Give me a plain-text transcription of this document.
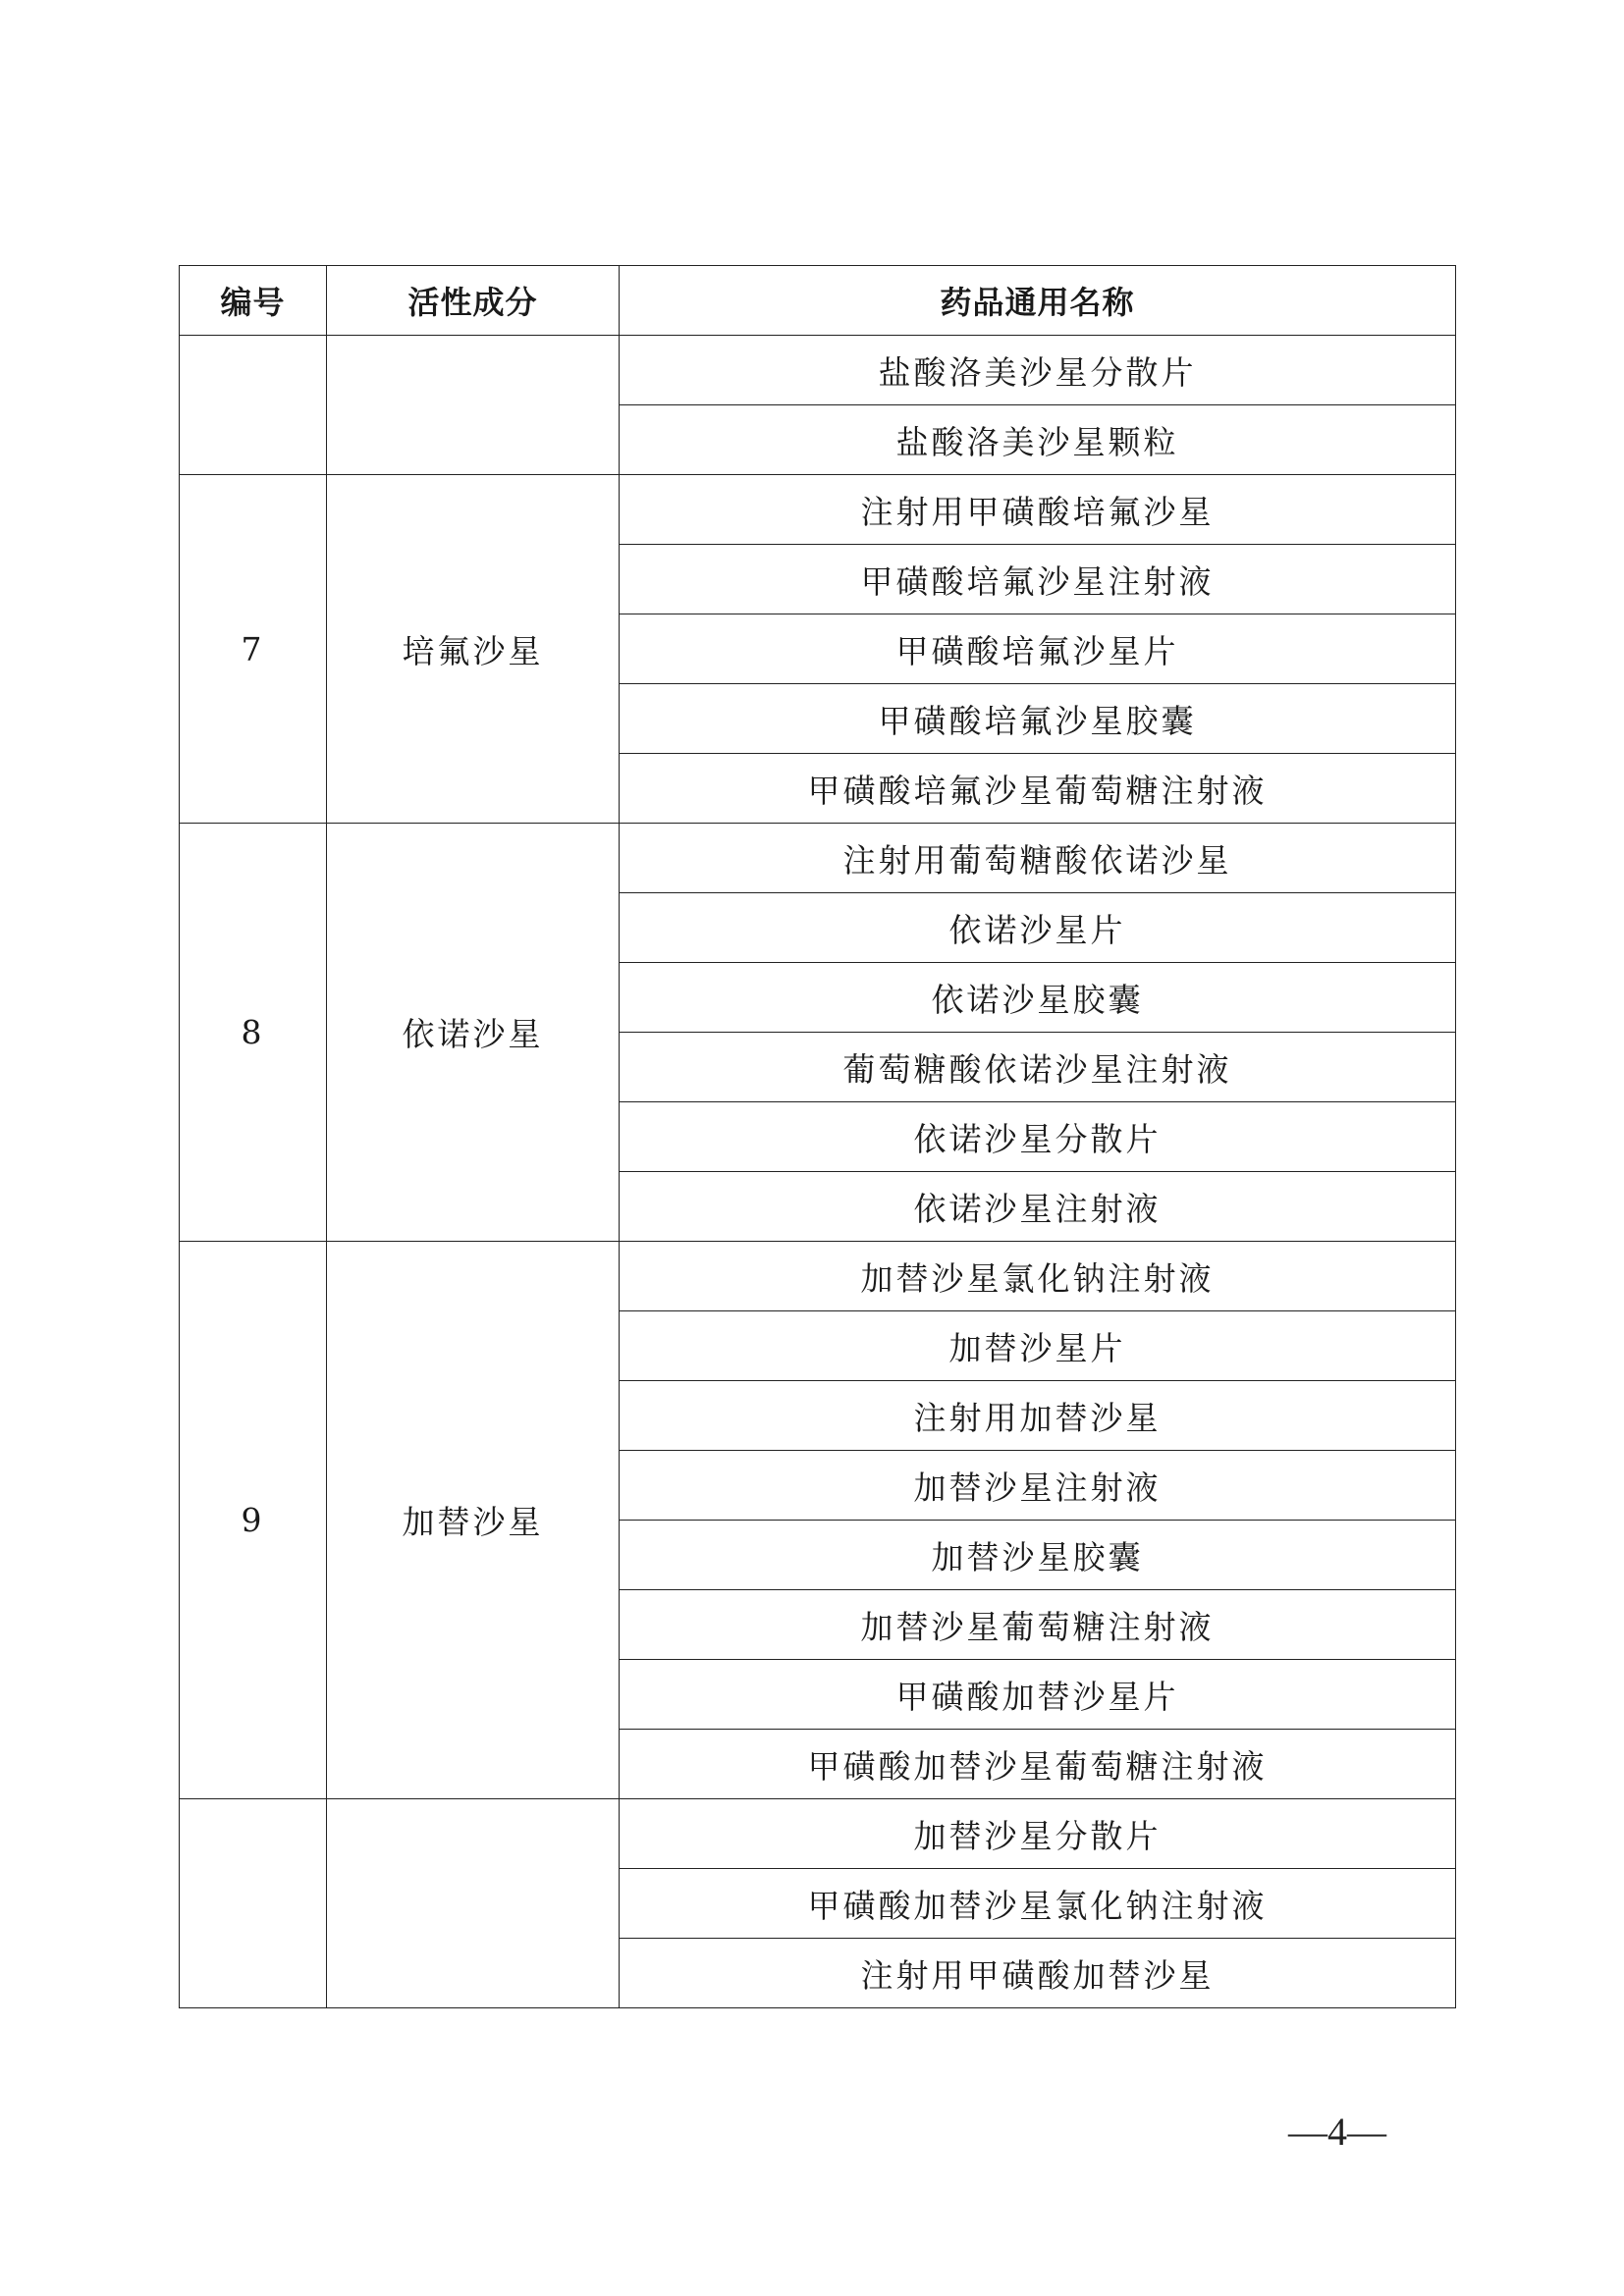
编号	活性成分	药品通用名称
		盐酸洛美沙星分散片
		盐酸洛美沙星颗粒
7	培氟沙星	注射用甲磺酸培氟沙星
		甲磺酸培氟沙星注射液
		甲磺酸培氟沙星片
		甲磺酸培氟沙星胶囊
		甲磺酸培氟沙星葡萄糖注射液
8	依诺沙星	注射用葡萄糖酸依诺沙星
		依诺沙星片
		依诺沙星胶囊
		葡萄糖酸依诺沙星注射液
		依诺沙星分散片
		依诺沙星注射液
9	加替沙星	加替沙星氯化钠注射液
		加替沙星片
		注射用加替沙星
		加替沙星注射液
		加替沙星胶囊
		加替沙星葡萄糖注射液
		甲磺酸加替沙星片
		甲磺酸加替沙星葡萄糖注射液
		加替沙星分散片
		甲磺酸加替沙星氯化钠注射液
		注射用甲磺酸加替沙星
—4—
